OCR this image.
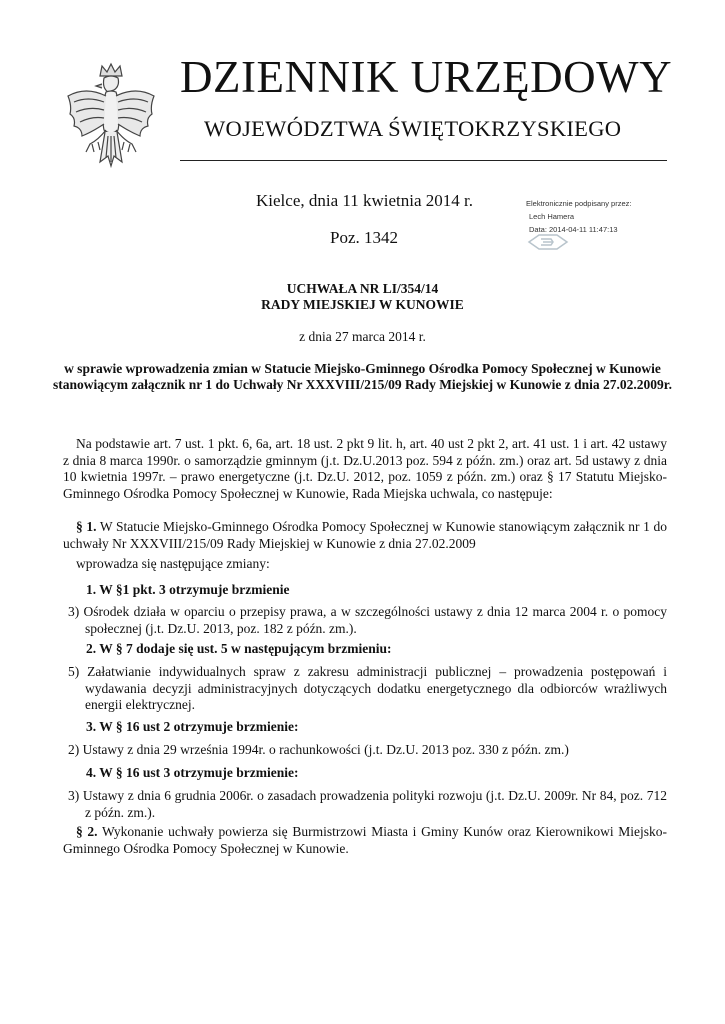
DZIENNIK URZĘDOWY
WOJEWÓDZTWA ŚWIĘTOKRZYSKIEGO
Kielce, dnia 11 kwietnia 2014 r.
Poz. 1342
Elektronicznie podpisany przez:
Lech Hamera
Data: 2014-04-11 11:47:13
UCHWAŁA NR LI/354/14
RADY MIEJSKIEJ W KUNOWIE
z dnia 27 marca 2014 r.
w sprawie wprowadzenia zmian w Statucie Miejsko-Gminnego Ośrodka Pomocy Społecznej w Kunowie stanowiącym załącznik nr 1 do Uchwały Nr XXXVIII/215/09 Rady Miejskiej w Kunowie z dnia 27.02.2009r.
Na podstawie art. 7 ust. 1 pkt. 6, 6a, art. 18 ust. 2 pkt 9 lit. h, art. 40 ust 2 pkt 2, art. 41 ust. 1 i art. 42 ustawy z dnia 8 marca 1990r. o samorządzie gminnym (j.t. Dz.U.2013 poz. 594 z późn. zm.) oraz art. 5d ustawy z dnia 10 kwietnia 1997r. – prawo energetyczne (j.t. Dz.U. 2012, poz. 1059 z późn. zm.) oraz § 17 Statutu Miejsko-Gminnego Ośrodka Pomocy Społecznej w Kunowie, Rada Miejska uchwala, co następuje:
§ 1. W Statucie Miejsko-Gminnego Ośrodka Pomocy Społecznej w Kunowie stanowiącym załącznik nr 1 do uchwały Nr XXXVIII/215/09 Rady Miejskiej w Kunowie z dnia 27.02.2009
wprowadza się następujące zmiany:
1. W §1 pkt. 3 otrzymuje brzmienie
3) Ośrodek działa w oparciu o przepisy prawa, a w szczególności ustawy z dnia 12 marca 2004 r. o pomocy społecznej (j.t. Dz.U. 2013, poz. 182 z późn. zm.).
2. W § 7 dodaje się ust. 5 w następującym brzmieniu:
5) Załatwianie indywidualnych spraw z zakresu administracji publicznej – prowadzenia postępowań i wydawania decyzji administracyjnych dotyczących dodatku energetycznego dla odbiorców wrażliwych energii elektrycznej.
3. W § 16 ust 2 otrzymuje brzmienie:
2) Ustawy z dnia 29 września 1994r. o rachunkowości (j.t. Dz.U. 2013 poz. 330 z późn. zm.)
4. W § 16 ust 3 otrzymuje brzmienie:
3) Ustawy z dnia 6 grudnia 2006r. o zasadach prowadzenia polityki rozwoju (j.t. Dz.U. 2009r. Nr 84, poz. 712 z późn. zm.).
§ 2. Wykonanie uchwały powierza się Burmistrzowi Miasta i Gminy Kunów oraz Kierownikowi Miejsko-Gminnego Ośrodka Pomocy Społecznej w Kunowie.
